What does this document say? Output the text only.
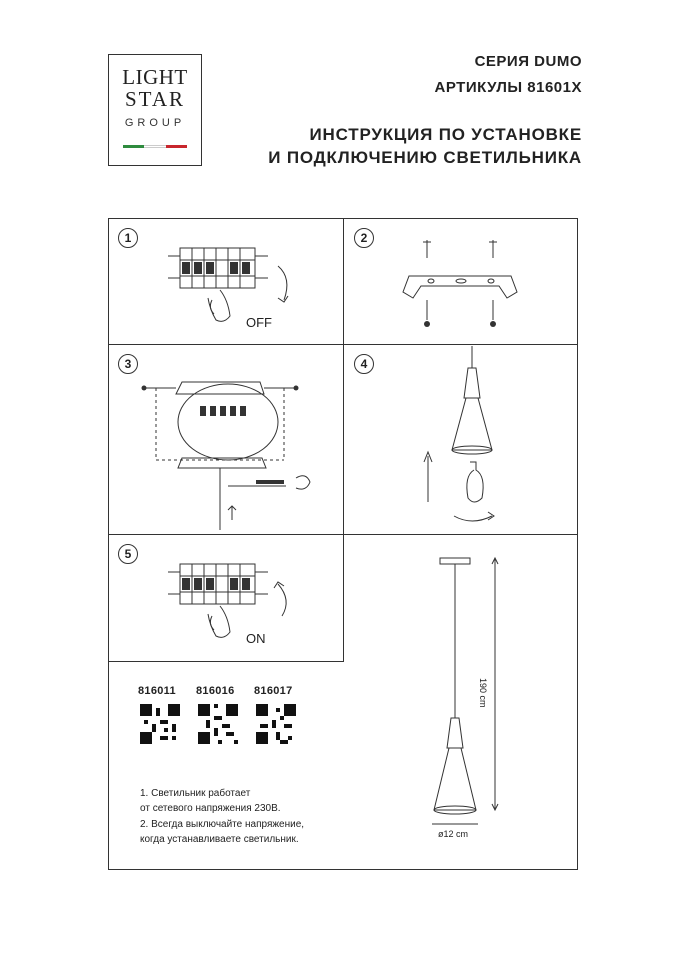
LIGHT
STAR
GROUP
СЕРИЯ DUMO
АРТИКУЛЫ 81601X
ИНСТРУКЦИЯ ПО УСТАНОВКЕ
И ПОДКЛЮЧЕНИЮ СВЕТИЛЬНИКА
1
OFF
2
3	4
5
ON
190 cm
ø12 cm
816011 816016 816017
1. Светильник работает
от сетевого напряжения 230В.
2. Всегда выключайте напряжение,
когда устанавливаете светильник.
